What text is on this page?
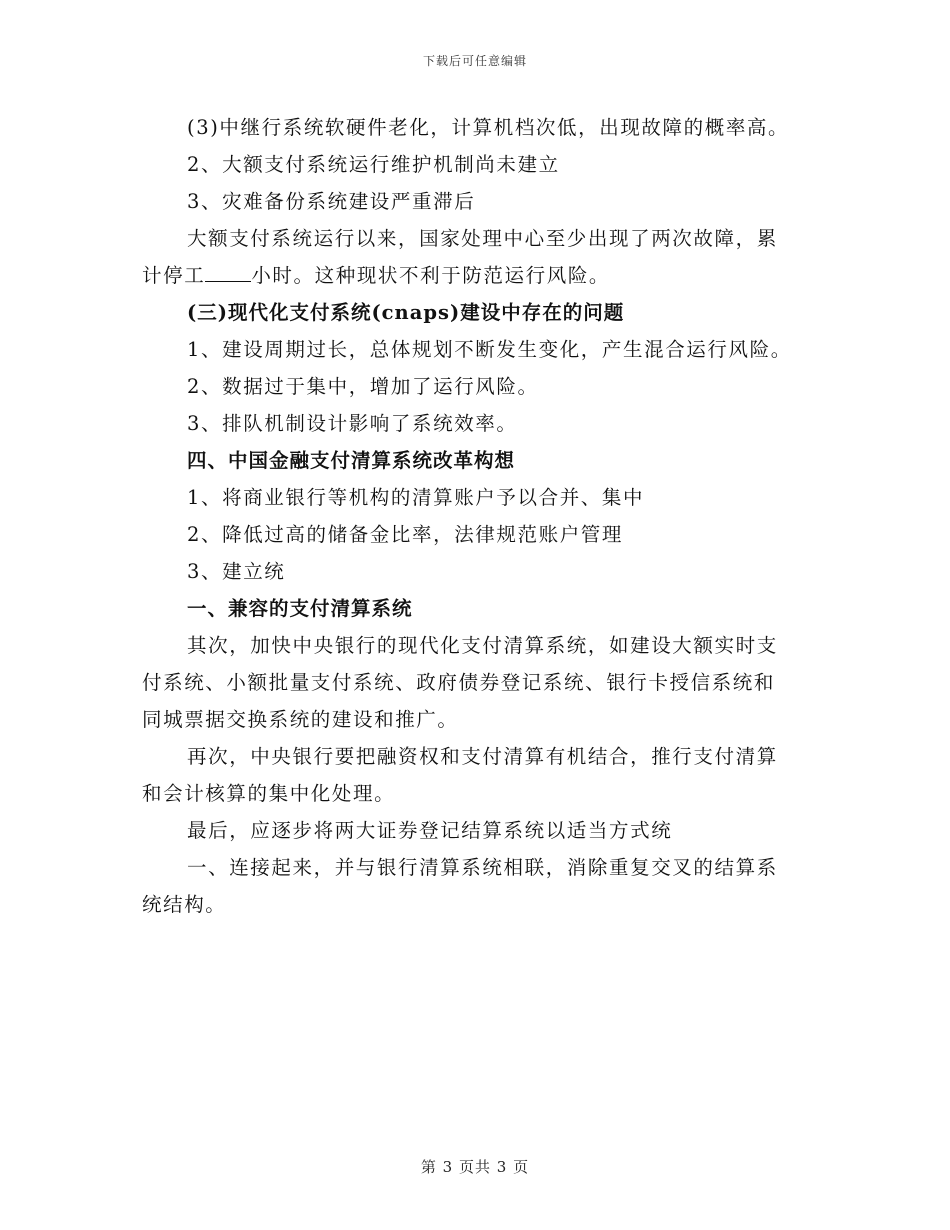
下载后可任意编辑
(3)中继行系统软硬件老化，计算机档次低，出现故障的概率高。
2、大额支付系统运行维护机制尚未建立
3、灾难备份系统建设严重滞后
大额支付系统运行以来，国家处理中心至少出现了两次故障，累
计停工 小时。这种现状不利于防范运行风险。
(三)现代化支付系统(cnaps)建设中存在的问题
1、建设周期过长，总体规划不断发生变化，产生混合运行风险。
2、数据过于集中，增加了运行风险。
3、排队机制设计影响了系统效率。
四、中国金融支付清算系统改革构想
1、将商业银行等机构的清算账户予以合并、集中
2、降低过高的储备金比率，法律规范账户管理
3、建立统
一、兼容的支付清算系统
其次，加快中央银行的现代化支付清算系统，如建设大额实时支
付系统、小额批量支付系统、政府债券登记系统、银行卡授信系统和
同城票据交换系统的建设和推广。
再次，中央银行要把融资权和支付清算有机结合，推行支付清算
和会计核算的集中化处理。
最后，应逐步将两大证券登记结算系统以适当方式统
一、连接起来，并与银行清算系统相联，消除重复交叉的结算系
统结构。
第 3 页共 3 页
